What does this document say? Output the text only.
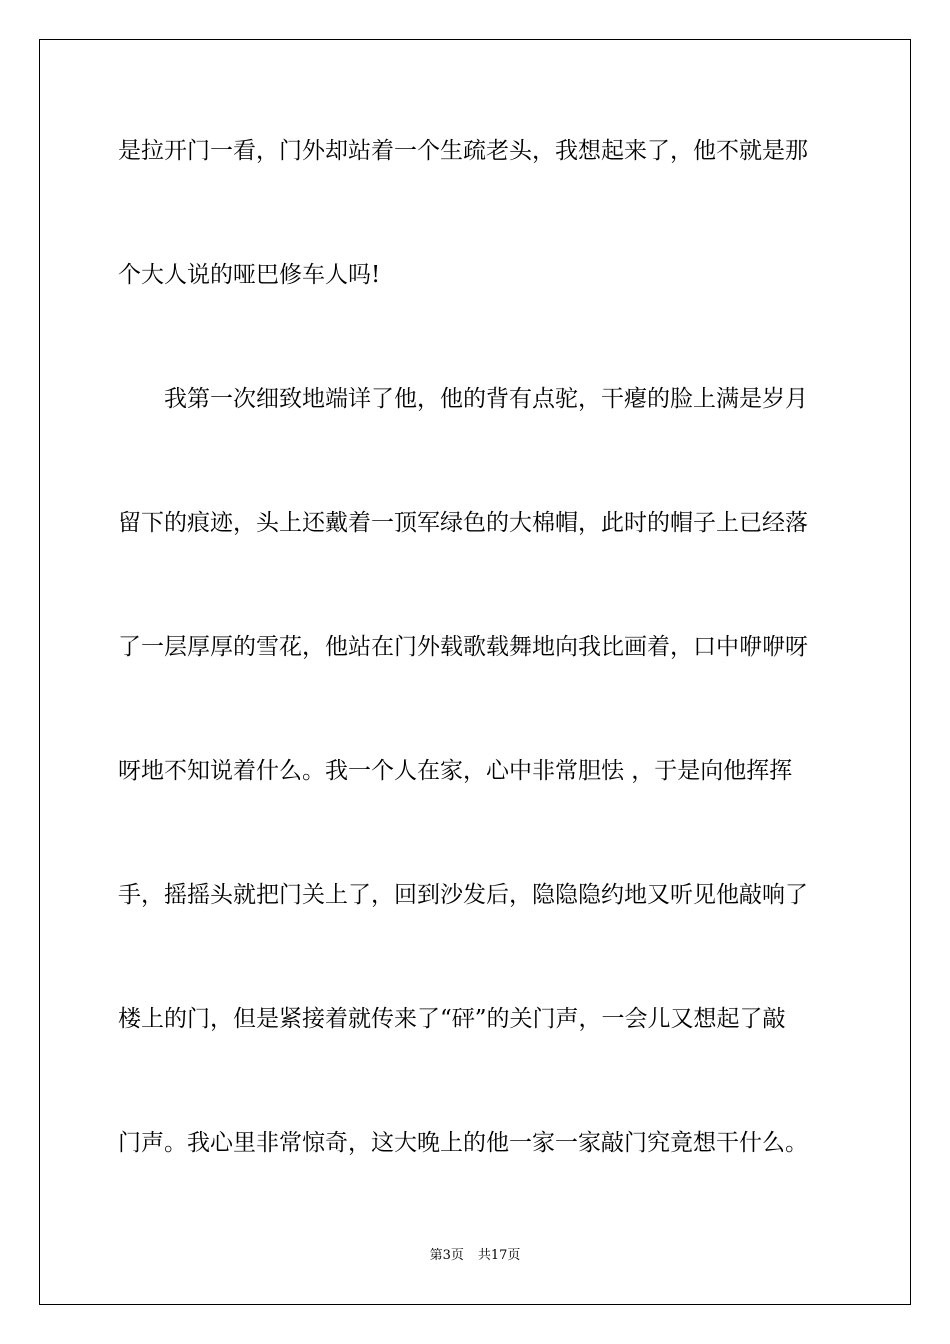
是拉开门一看，门外却站着一个生疏老头，我想起来了，他不就是那
个大人说的哑巴修车人吗!
　　我第一次细致地端详了他，他的背有点驼，干瘪的脸上满是岁月
留下的痕迹，头上还戴着一顶军绿色的大棉帽，此时的帽子上已经落
了一层厚厚的雪花，他站在门外载歌载舞地向我比画着，口中咿咿呀
呀地不知说着什么。我一个人在家，心中非常胆怯 ，于是向他挥挥
手，摇摇头就把门关上了，回到沙发后，隐隐隐约地又听见他敲响了
楼上的门，但是紧接着就传来了“砰”的关门声，一会儿又想起了敲
门声。我心里非常惊奇，这大晚上的他一家一家敲门究竟想干什么。
第3页 共17页
